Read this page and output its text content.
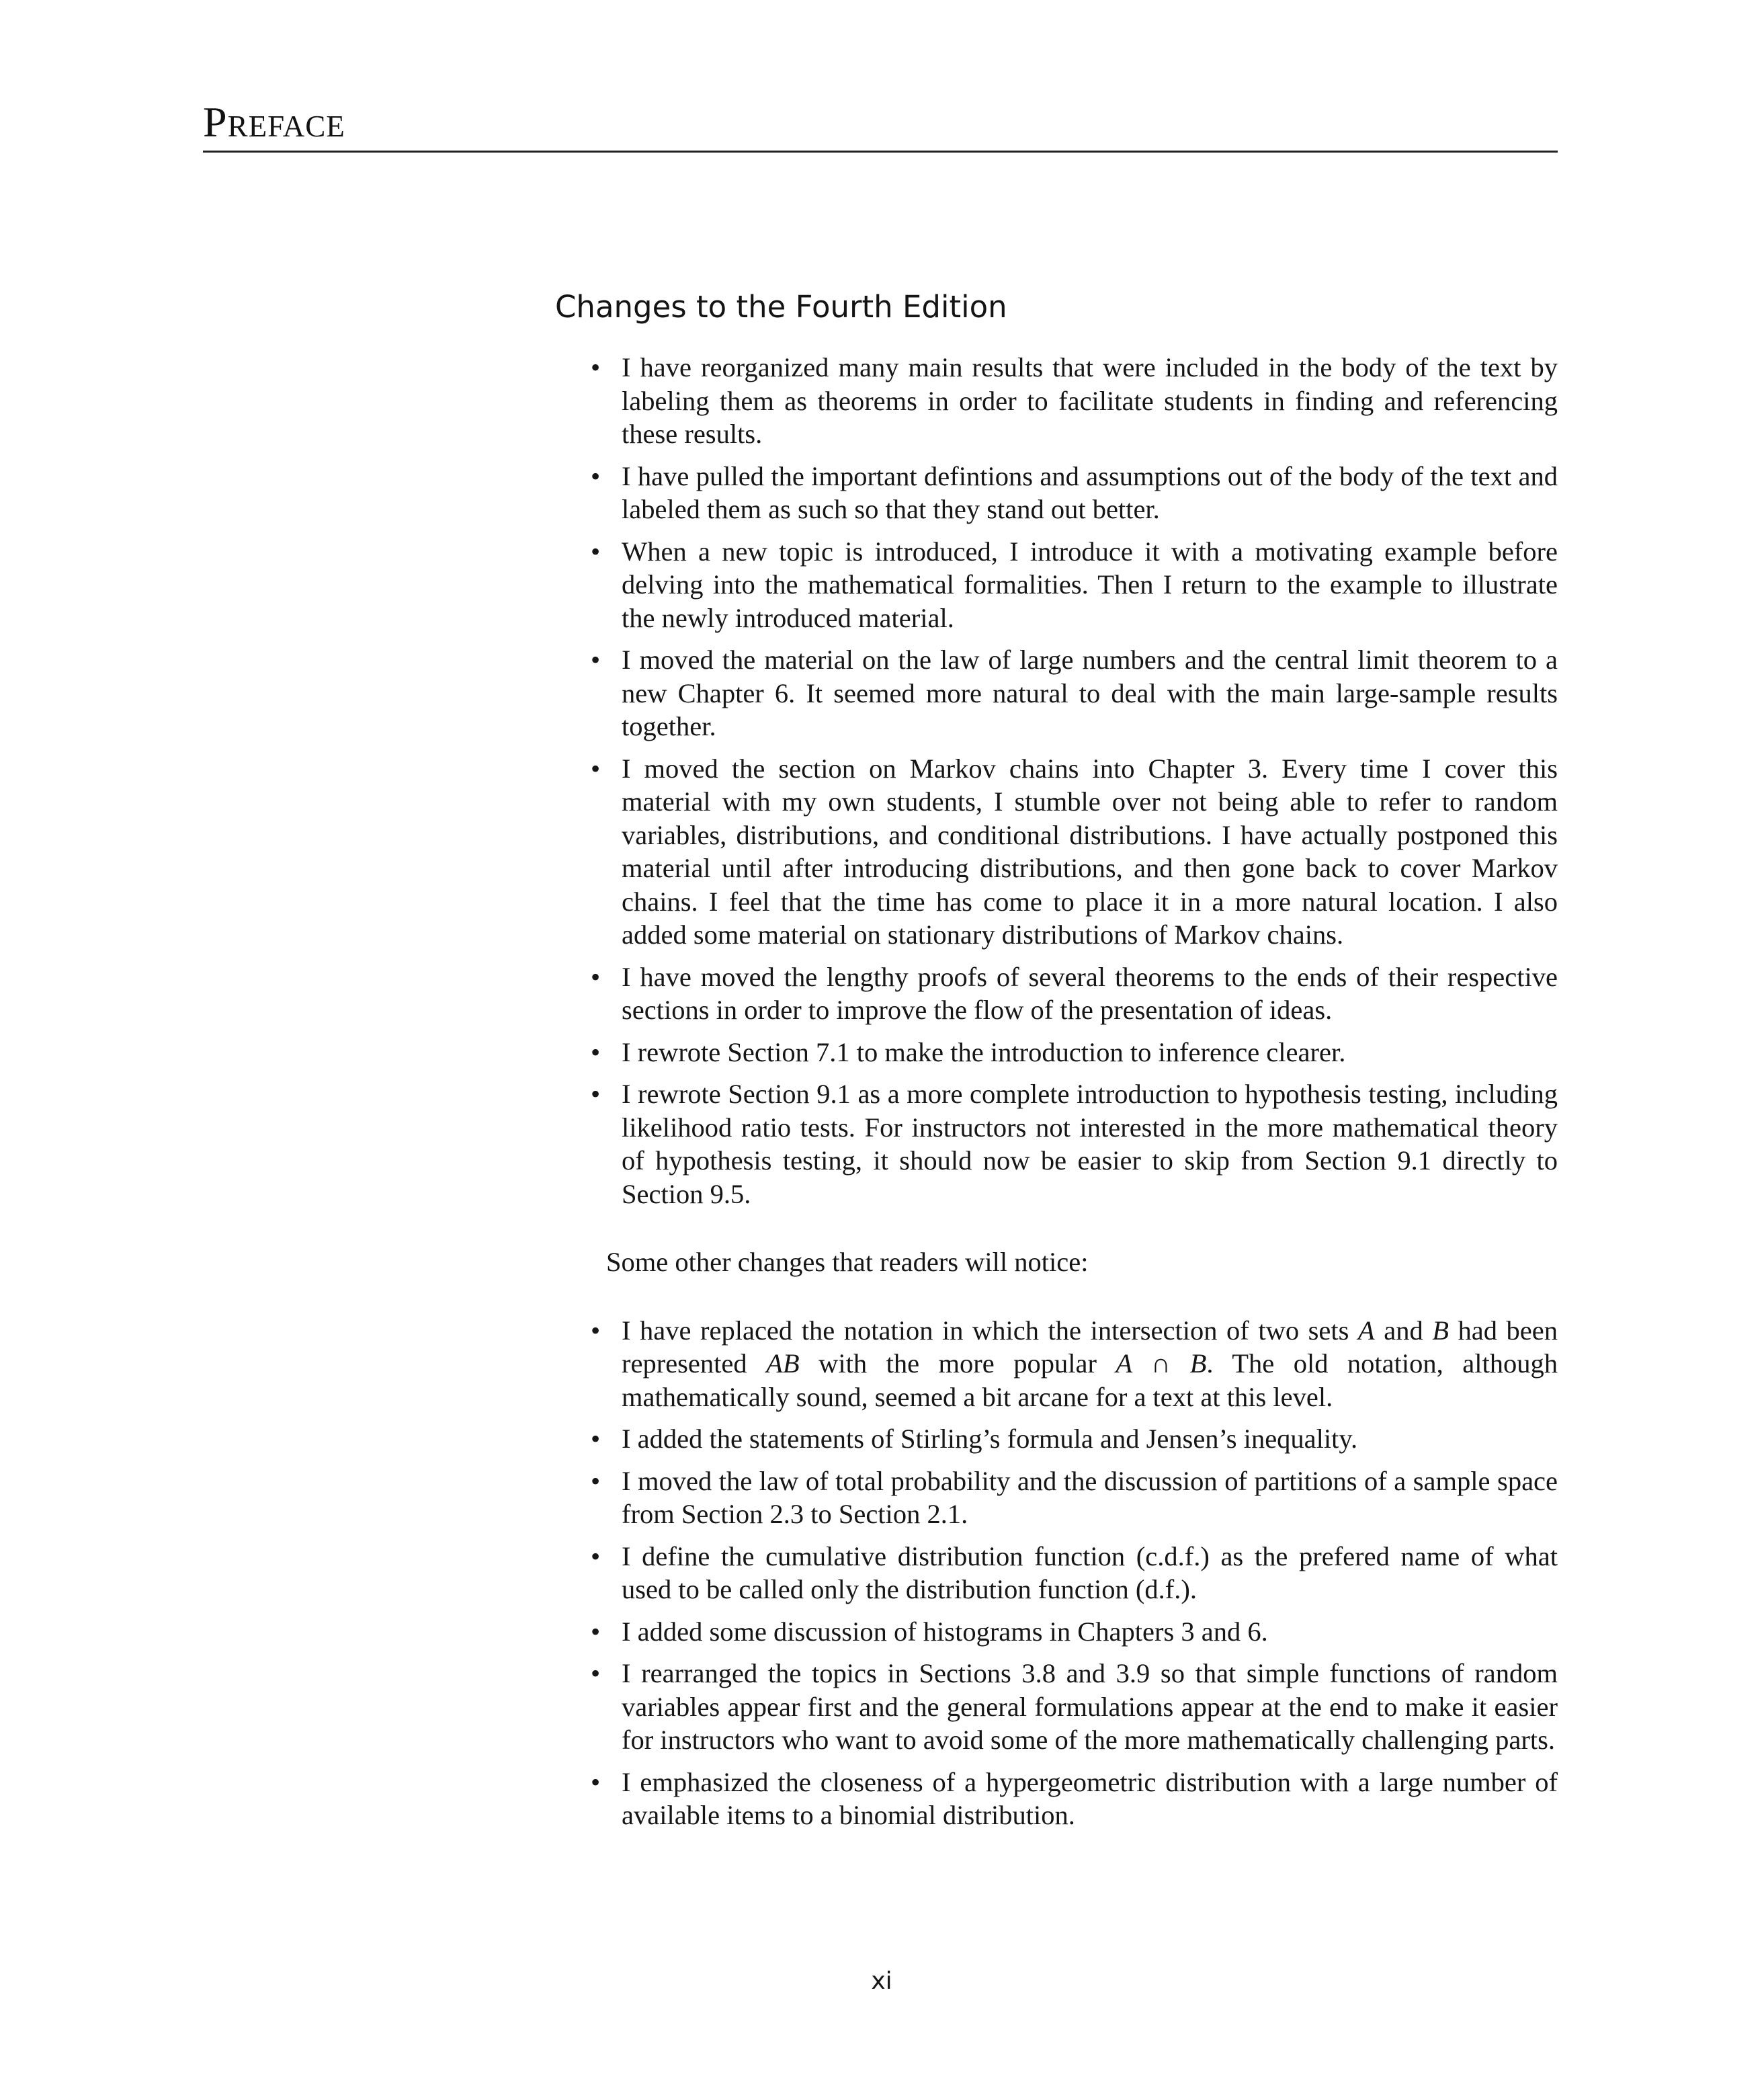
Preface
Changes to the Fourth Edition
• I have reorganized many main results that were included in the body of the text by labeling them as theorems in order to facilitate students in finding and referencing these results.
• I have pulled the important defintions and assumptions out of the body of the text and labeled them as such so that they stand out better.
• When a new topic is introduced, I introduce it with a motivating example before delving into the mathematical formalities. Then I return to the example to illustrate the newly introduced material.
• I moved the material on the law of large numbers and the central limit theorem to a new Chapter 6. It seemed more natural to deal with the main large-sample results together.
• I moved the section on Markov chains into Chapter 3. Every time I cover this material with my own students, I stumble over not being able to refer to random variables, distributions, and conditional distributions. I have actually postponed this material until after introducing distributions, and then gone back to cover Markov chains. I feel that the time has come to place it in a more natural location. I also added some material on stationary distributions of Markov chains.
• I have moved the lengthy proofs of several theorems to the ends of their respective sections in order to improve the flow of the presentation of ideas.
• I rewrote Section 7.1 to make the introduction to inference clearer.
• I rewrote Section 9.1 as a more complete introduction to hypothesis testing, including likelihood ratio tests. For instructors not interested in the more mathematical theory of hypothesis testing, it should now be easier to skip from Section 9.1 directly to Section 9.5.

Some other changes that readers will notice:

• I have replaced the notation in which the intersection of two sets A and B had been represented AB with the more popular A ∩ B. The old notation, although mathematically sound, seemed a bit arcane for a text at this level.
• I added the statements of Stirling’s formula and Jensen’s inequality.
• I moved the law of total probability and the discussion of partitions of a sample space from Section 2.3 to Section 2.1.
• I define the cumulative distribution function (c.d.f.) as the prefered name of what used to be called only the distribution function (d.f.).
• I added some discussion of histograms in Chapters 3 and 6.
• I rearranged the topics in Sections 3.8 and 3.9 so that simple functions of random variables appear first and the general formulations appear at the end to make it easier for instructors who want to avoid some of the more mathematically challenging parts.
• I emphasized the closeness of a hypergeometric distribution with a large number of available items to a binomial distribution.
xi
